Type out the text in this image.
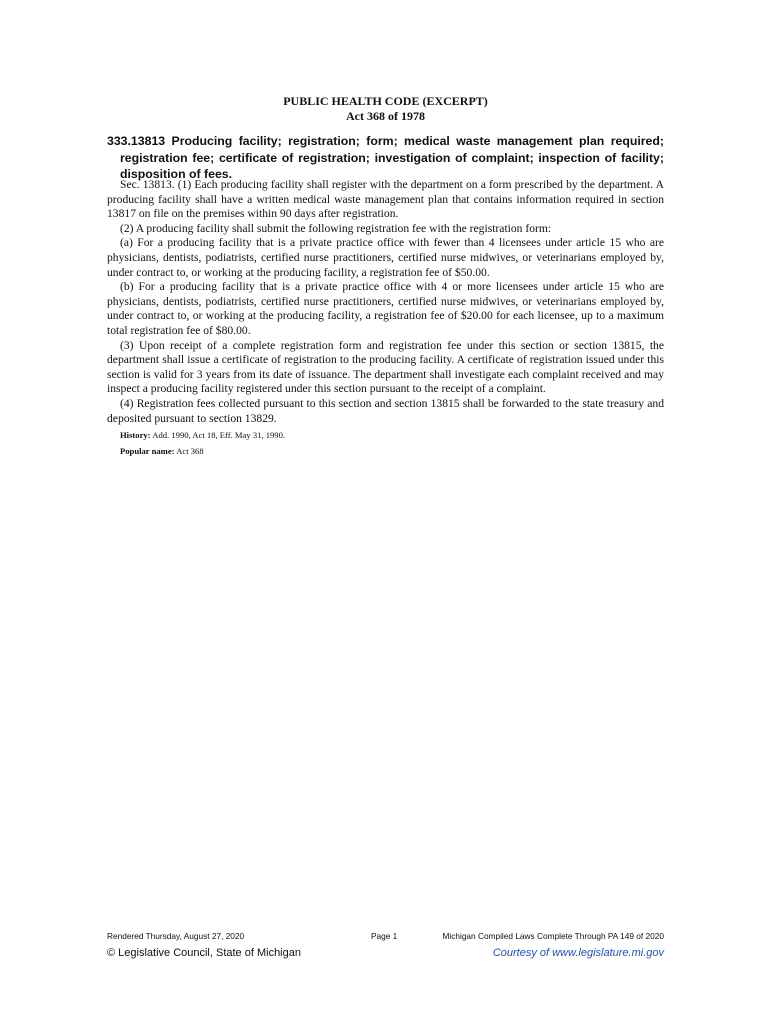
PUBLIC HEALTH CODE (EXCERPT)
Act 368 of 1978
333.13813 Producing facility; registration; form; medical waste management plan required; registration fee; certificate of registration; investigation of complaint; inspection of facility; disposition of fees.

Sec. 13813. (1) Each producing facility shall register with the department on a form prescribed by the department. A producing facility shall have a written medical waste management plan that contains information required in section 13817 on file on the premises within 90 days after registration.

(2) A producing facility shall submit the following registration fee with the registration form:

(a) For a producing facility that is a private practice office with fewer than 4 licensees under article 15 who are physicians, dentists, podiatrists, certified nurse practitioners, certified nurse midwives, or veterinarians employed by, under contract to, or working at the producing facility, a registration fee of $50.00.

(b) For a producing facility that is a private practice office with 4 or more licensees under article 15 who are physicians, dentists, podiatrists, certified nurse practitioners, certified nurse midwives, or veterinarians employed by, under contract to, or working at the producing facility, a registration fee of $20.00 for each licensee, up to a maximum total registration fee of $80.00.

(3) Upon receipt of a complete registration form and registration fee under this section or section 13815, the department shall issue a certificate of registration to the producing facility. A certificate of registration issued under this section is valid for 3 years from its date of issuance. The department shall investigate each complaint received and may inspect a producing facility registered under this section pursuant to the receipt of a complaint.

(4) Registration fees collected pursuant to this section and section 13815 shall be forwarded to the state treasury and deposited pursuant to section 13829.

History: Add. 1990, Act 18, Eff. May 31, 1990.
Popular name: Act 368
Rendered Thursday, August 27, 2020	Page 1	Michigan Compiled Laws Complete Through PA 149 of 2020
© Legislative Council, State of Michigan	Courtesy of www.legislature.mi.gov
